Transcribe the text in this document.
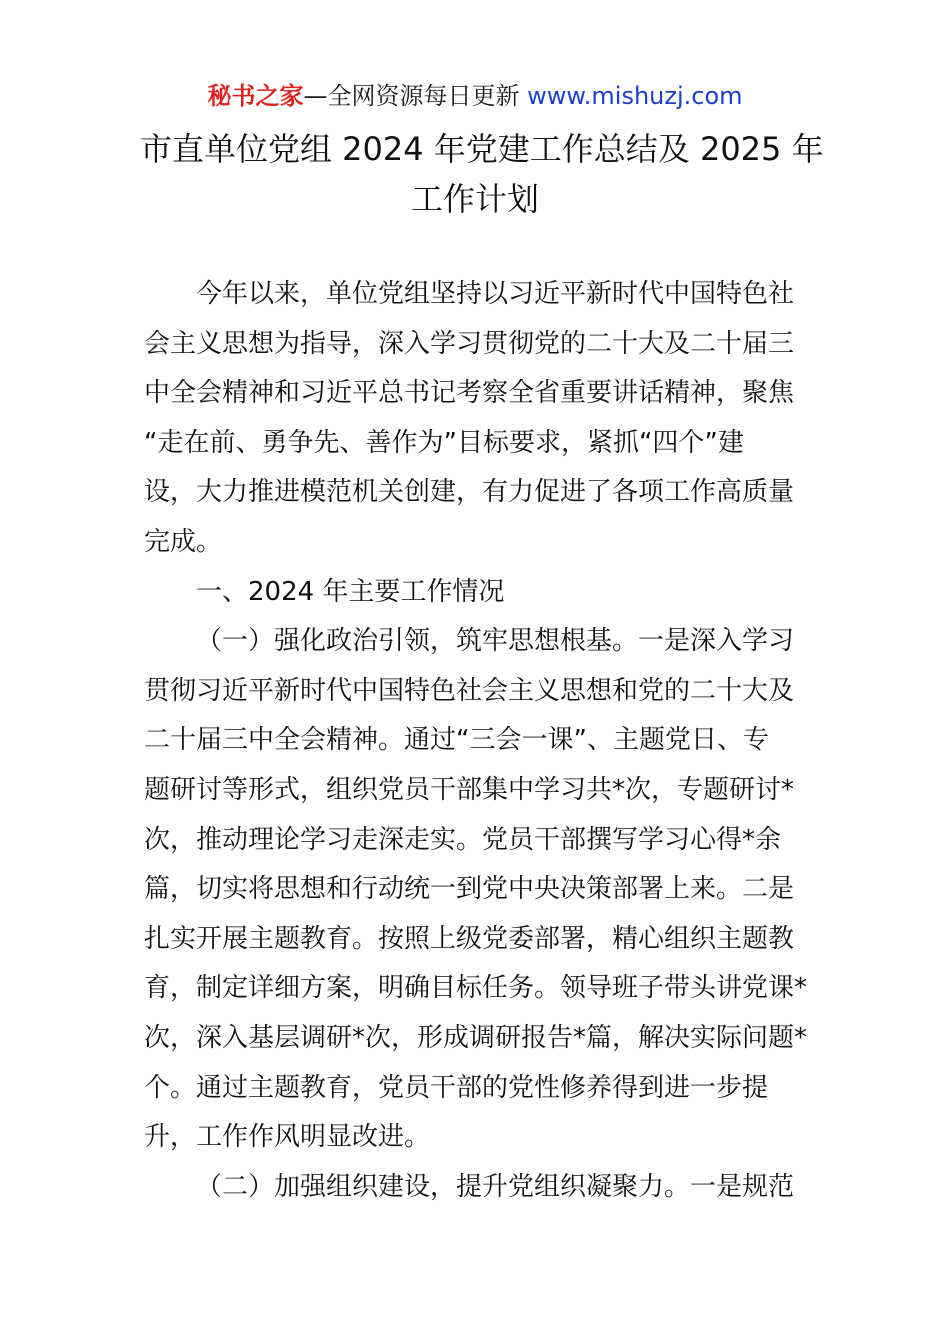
秘书之家—全网资源每日更新 www.mishuzj.com
市直单位党组 2024 年党建工作总结及 2025 年
工作计划
今年以来，单位党组坚持以习近平新时代中国特色社
会主义思想为指导，深入学习贯彻党的二十大及二十届三
中全会精神和习近平总书记考察全省重要讲话精神，聚焦
“走在前、勇争先、善作为”目标要求，紧抓“四个”建
设，大力推进模范机关创建，有力促进了各项工作高质量
完成。
一、2024 年主要工作情况
（一）强化政治引领，筑牢思想根基。一是深入学习
贯彻习近平新时代中国特色社会主义思想和党的二十大及
二十届三中全会精神。通过“三会一课”、主题党日、专
题研讨等形式，组织党员干部集中学习共*次，专题研讨*
次，推动理论学习走深走实。党员干部撰写学习心得*余
篇，切实将思想和行动统一到党中央决策部署上来。二是
扎实开展主题教育。按照上级党委部署，精心组织主题教
育，制定详细方案，明确目标任务。领导班子带头讲党课*
次，深入基层调研*次，形成调研报告*篇，解决实际问题*
个。通过主题教育，党员干部的党性修养得到进一步提
升，工作作风明显改进。
（二）加强组织建设，提升党组织凝聚力。一是规范
